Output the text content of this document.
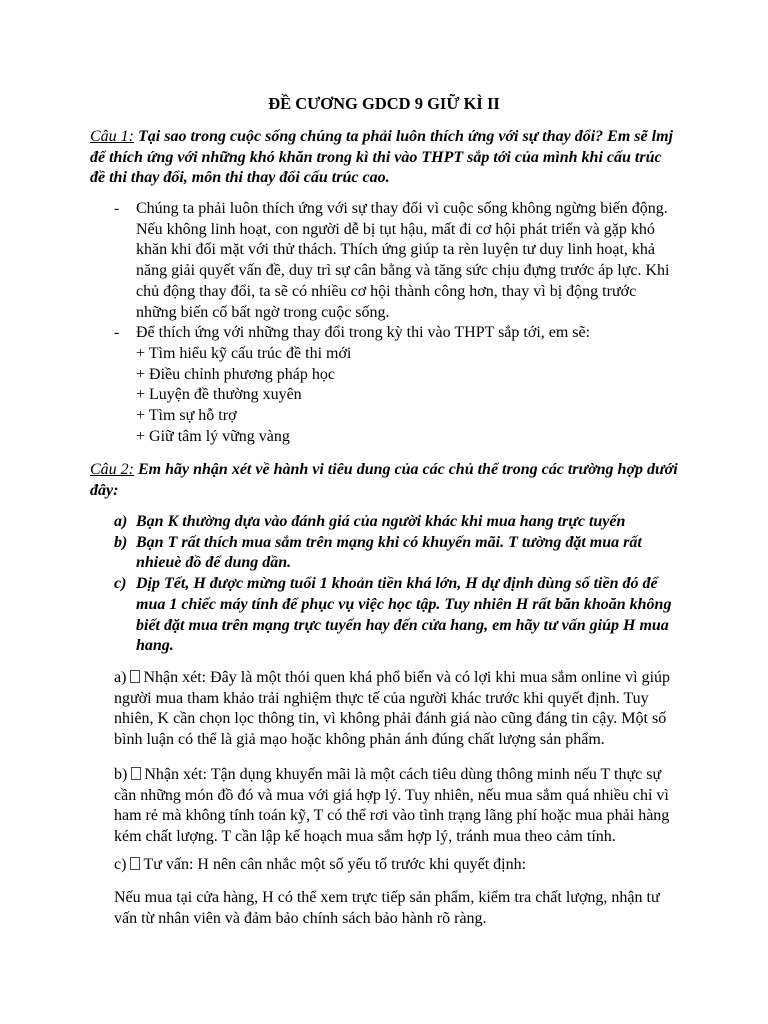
ĐỀ CƯƠNG GDCD 9 GIỮ KÌ II

Câu 1: Tại sao trong cuộc sống chúng ta phải luôn thích ứng với sự thay đổi? Em sẽ lmj để thích ứng với những khó khăn trong kì thi vào THPT sắp tới của mình khi cấu trúc đề thi thay đổi, môn thi thay đổi cấu trúc cao.

- Chúng ta phải luôn thích ứng với sự thay đổi vì cuộc sống không ngừng biến động. Nếu không linh hoạt, con người dễ bị tụt hậu, mất đi cơ hội phát triển và gặp khó khăn khi đối mặt với thử thách. Thích ứng giúp ta rèn luyện tư duy linh hoạt, khả năng giải quyết vấn đề, duy trì sự cân bằng và tăng sức chịu đựng trước áp lực. Khi chủ động thay đổi, ta sẽ có nhiều cơ hội thành công hơn, thay vì bị động trước những biến cố bất ngờ trong cuộc sống.
- Để thích ứng với những thay đổi trong kỳ thi vào THPT sắp tới, em sẽ:
+ Tìm hiểu kỹ cấu trúc đề thi mới
+ Điều chỉnh phương pháp học
+ Luyện đề thường xuyên
+ Tìm sự hỗ trợ
+ Giữ tâm lý vững vàng

Câu 2: Em hãy nhận xét về hành vi tiêu dung của các chủ thể trong các trường hợp dưới đây:

a) Bạn K thường dựa vào đánh giá của người khác khi mua hang trực tuyến
b) Bạn T rất thích mua sắm trên mạng khi có khuyến mãi. T tường đặt mua rất nhieuè đồ để dung dần.
c) Dịp Tết, H được mừng tuổi 1 khoản tiền khá lớn, H dự định dùng số tiền đó để mua 1 chiếc máy tính để phục vụ việc học tập. Tuy nhiên H rất băn khoăn không biết đặt mua trên mạng trực tuyến hay đến cửa hang, em hãy tư vấn giúp H mua hang.

a) Nhận xét: Đây là một thói quen khá phổ biến và có lợi khi mua sắm online vì giúp người mua tham khảo trải nghiệm thực tế của người khác trước khi quyết định. Tuy nhiên, K cần chọn lọc thông tin, vì không phải đánh giá nào cũng đáng tin cậy. Một số bình luận có thể là giả mạo hoặc không phản ánh đúng chất lượng sản phẩm.

b) Nhận xét: Tận dụng khuyến mãi là một cách tiêu dùng thông minh nếu T thực sự cần những món đồ đó và mua với giá hợp lý. Tuy nhiên, nếu mua sắm quá nhiều chỉ vì ham rẻ mà không tính toán kỹ, T có thể rơi vào tình trạng lãng phí hoặc mua phải hàng kém chất lượng. T cần lập kế hoạch mua sắm hợp lý, tránh mua theo cảm tính.

c) Tư vấn: H nên cân nhắc một số yếu tố trước khi quyết định:

Nếu mua tại cửa hàng, H có thể xem trực tiếp sản phẩm, kiểm tra chất lượng, nhận tư vấn từ nhân viên và đảm bảo chính sách bảo hành rõ ràng.
